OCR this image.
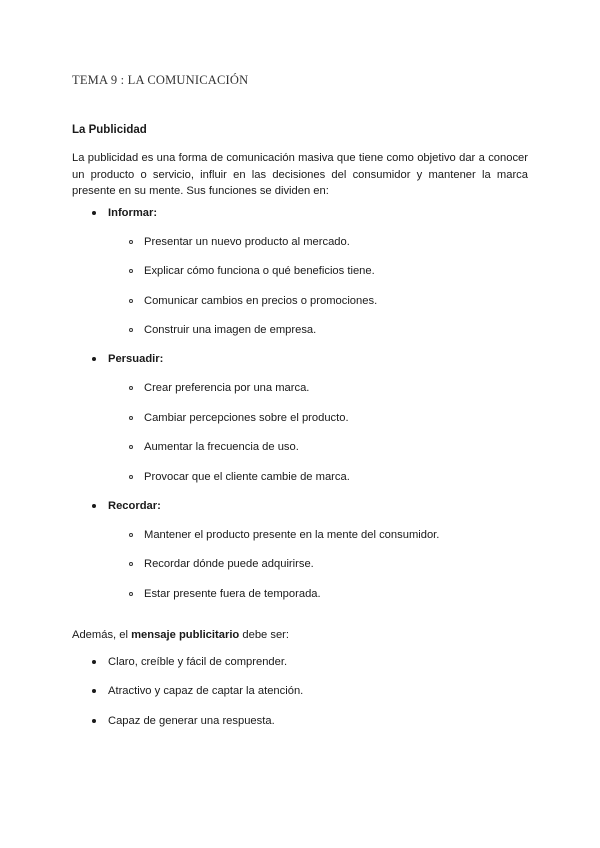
TEMA 9 : LA COMUNICACIÓN
La Publicidad
La publicidad es una forma de comunicación masiva que tiene como objetivo dar a conocer un producto o servicio, influir en las decisiones del consumidor y mantener la marca presente en su mente. Sus funciones se dividen en:
Informar:
Presentar un nuevo producto al mercado.
Explicar cómo funciona o qué beneficios tiene.
Comunicar cambios en precios o promociones.
Construir una imagen de empresa.
Persuadir:
Crear preferencia por una marca.
Cambiar percepciones sobre el producto.
Aumentar la frecuencia de uso.
Provocar que el cliente cambie de marca.
Recordar:
Mantener el producto presente en la mente del consumidor.
Recordar dónde puede adquirirse.
Estar presente fuera de temporada.
Además, el mensaje publicitario debe ser:
Claro, creíble y fácil de comprender.
Atractivo y capaz de captar la atención.
Capaz de generar una respuesta.
